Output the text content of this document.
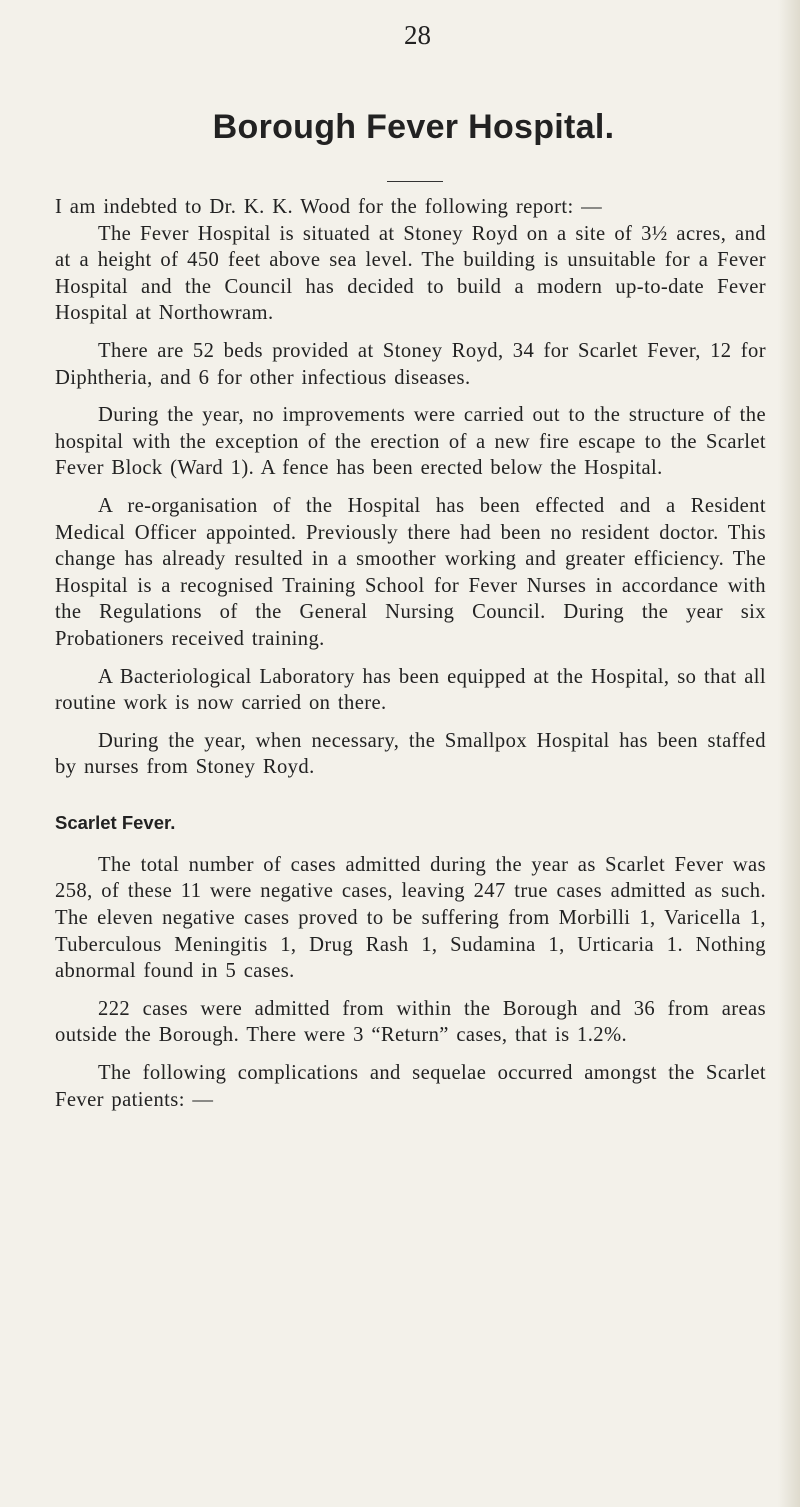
28
Borough Fever Hospital.

I am indebted to Dr. K. K. Wood for the following report: —

The Fever Hospital is situated at Stoney Royd on a site of 3½ acres, and at a height of 450 feet above sea level. The building is unsuitable for a Fever Hospital and the Council has decided to build a modern up-to-date Fever Hospital at Northowram.

There are 52 beds provided at Stoney Royd, 34 for Scarlet Fever, 12 for Diphtheria, and 6 for other infectious diseases.

During the year, no improvements were carried out to the structure of the hospital with the exception of the erection of a new fire escape to the Scarlet Fever Block (Ward 1). A fence has been erected below the Hospital.

A re-organisation of the Hospital has been effected and a Resident Medical Officer appointed. Previously there had been no resident doctor. This change has already resulted in a smoother working and greater efficiency. The Hospital is a recognised Training School for Fever Nurses in accordance with the Regulations of the General Nursing Council. During the year six Probationers received training.

A Bacteriological Laboratory has been equipped at the Hospital, so that all routine work is now carried on there.

During the year, when necessary, the Smallpox Hospital has been staffed by nurses from Stoney Royd.

Scarlet Fever.

The total number of cases admitted during the year as Scarlet Fever was 258, of these 11 were negative cases, leaving 247 true cases admitted as such. The eleven negative cases proved to be suffering from Morbilli 1, Varicella 1, Tuberculous Meningitis 1, Drug Rash 1, Sudamina 1, Urticaria 1. Nothing abnormal found in 5 cases.

222 cases were admitted from within the Borough and 36 from areas outside the Borough. There were 3 “Return” cases, that is 1.2%.

The following complications and sequelae occurred amongst the Scarlet Fever patients: —
